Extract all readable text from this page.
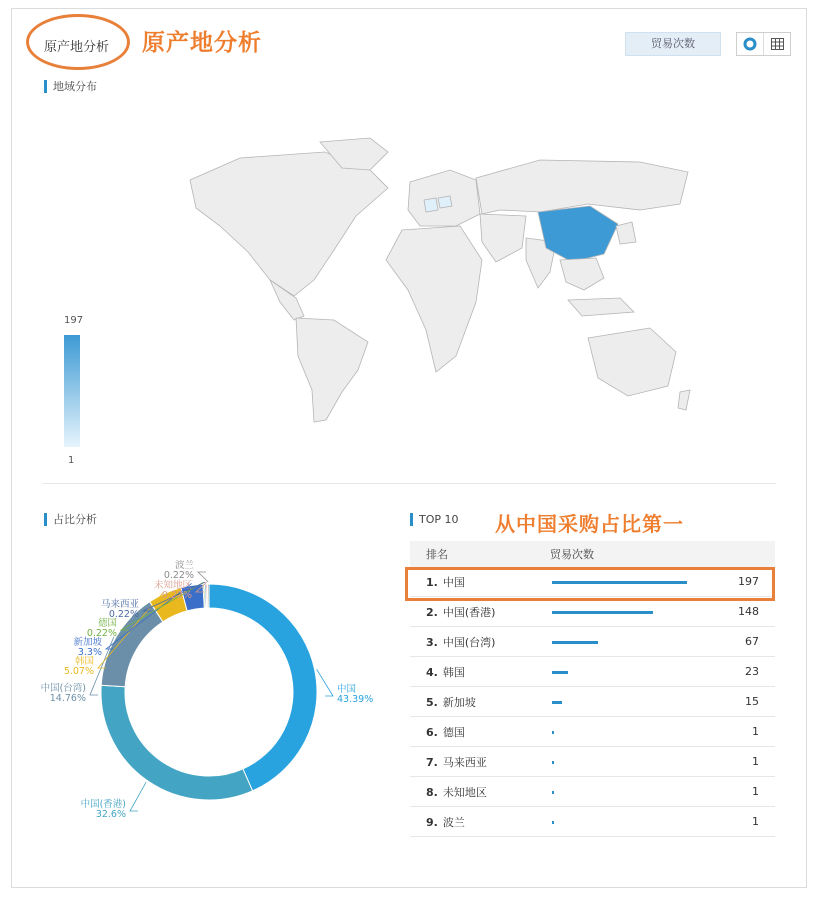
原产地分析 原产地分析	贸易次数
地域分布
197
1
占比分析	TOP 10 从中国采购占比第一
中国
43.39%
中国(香港)
32.6%
中国(台湾)
14.76%
韩国
5.07%
新加坡
3.3%
德国
0.22%
马来西亚
0.22%
未知地区
0.22%
波兰
0.22%
排名	贸易次数
1. 中国	197
2. 中国(香港)	148
3. 中国(台湾)	67
4. 韩国	23
5. 新加坡	15
6. 德国	1
7. 马来西亚	1
8. 未知地区	1
9. 波兰	1
